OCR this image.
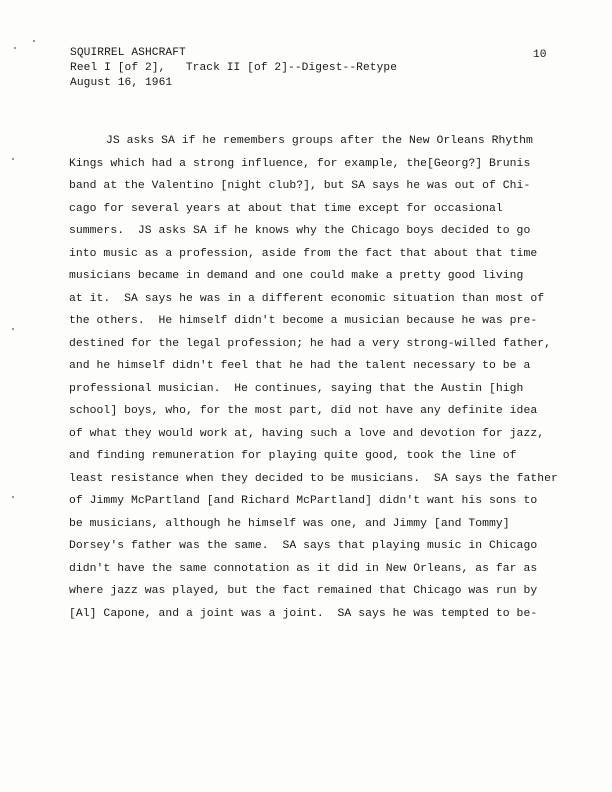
SQUIRREL ASHCRAFT
Reel I [of 2],   Track II [of 2]--Digest--Retype
August 16, 1961
10
JS asks SA if he remembers groups after the New Orleans Rhythm
Kings which had a strong influence, for example, the[Georg?] Brunis
band at the Valentino [night club?], but SA says he was out of Chi-
cago for several years at about that time except for occasional
summers.  JS asks SA if he knows why the Chicago boys decided to go
into music as a profession, aside from the fact that about that time
musicians became in demand and one could make a pretty good living
at it.  SA says he was in a different economic situation than most of
the others.  He himself didn't become a musician because he was pre-
destined for the legal profession; he had a very strong-willed father,
and he himself didn't feel that he had the talent necessary to be a
professional musician.  He continues, saying that the Austin [high
school] boys, who, for the most part, did not have any definite idea
of what they would work at, having such a love and devotion for jazz,
and finding remuneration for playing quite good, took the line of
least resistance when they decided to be musicians.  SA says the father
of Jimmy McPartland [and Richard McPartland] didn't want his sons to
be musicians, although he himself was one, and Jimmy [and Tommy]
Dorsey's father was the same.  SA says that playing music in Chicago
didn't have the same connotation as it did in New Orleans, as far as
where jazz was played, but the fact remained that Chicago was run by
[Al] Capone, and a joint was a joint.  SA says he was tempted to be-
